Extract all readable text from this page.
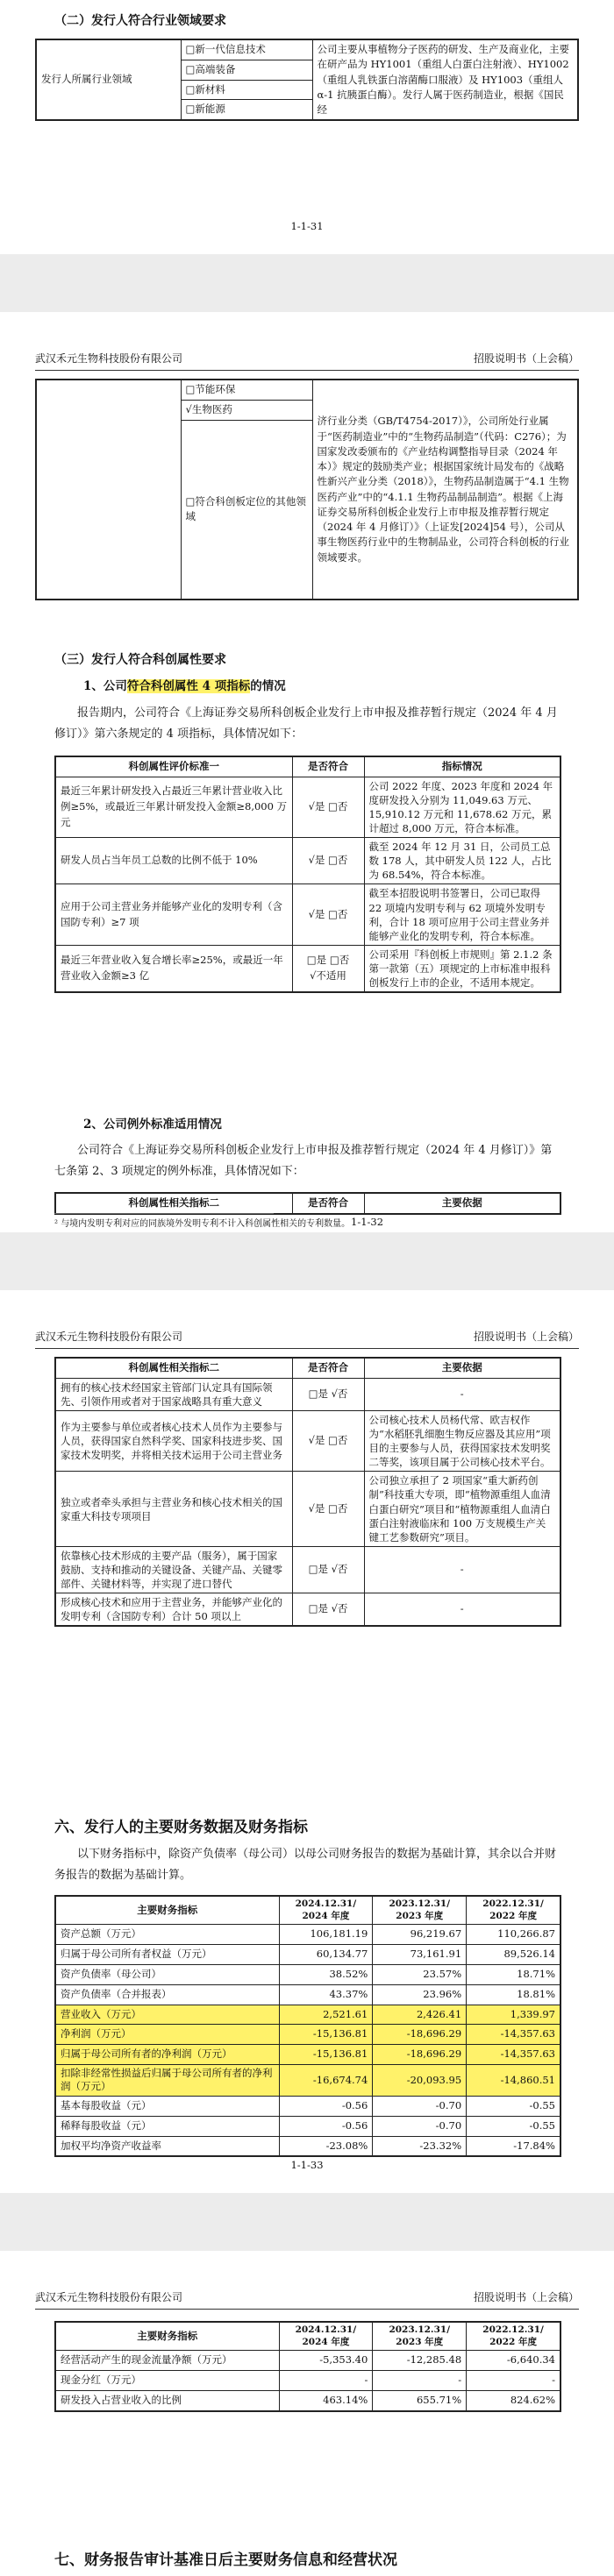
（二）发行人符合行业领域要求
发行人所属行业领域	□新一代信息技术	公司主要从事植物分子医药的研发、生产及商业化，主要在研产品为 HY1001（重组人白蛋白注射液）、HY1002（重组人乳铁蛋白溶菌酶口服液）及 HY1003（重组人 α-1 抗胰蛋白酶）。发行人属于医药制造业，根据《国民经
□高端装备
□新材料
□新能源
1-1-31
武汉禾元生物科技股份有限公司	招股说明书（上会稿）
	□节能环保	济行业分类（GB/T4754-2017）》，公司所处行业属于“医药制造业”中的“生物药品制造”（代码：C276）；为国家发改委颁布的《产业结构调整指导目录（2024 年本）》规定的鼓励类产业；根据国家统计局发布的《战略性新兴产业分类（2018）》，生物药品制造属于“4.1 生物医药产业”中的“4.1.1 生物药品制品制造”。根据《上海证券交易所科创板企业发行上市申报及推荐暂行规定（2024 年 4 月修订）》（上证发[2024]54 号），公司从事生物医药行业中的生物制品业，公司符合科创板的行业领域要求。
√生物医药
□符合科创板定位的其他领域
（三）发行人符合科创属性要求
1、公司符合科创属性 4 项指标的情况
报告期内，公司符合《上海证券交易所科创板企业发行上市申报及推荐暂行规定（2024 年 4 月修订）》第六条规定的 4 项指标，具体情况如下：
科创属性评价标准一	是否符合	指标情况
最近三年累计研发投入占最近三年累计营业收入比例≥5%，或最近三年累计研发投入金额≥8,000 万元	√是 □否	公司 2022 年度、2023 年度和 2024 年度研发投入分别为 11,049.63 万元、15,910.12 万元和 11,678.62 万元，累计超过 8,000 万元，符合本标准。
研发人员占当年员工总数的比例不低于 10%	√是 □否	截至 2024 年 12 月 31 日，公司员工总数 178 人，其中研发人员 122 人，占比为 68.54%，符合本标准。
应用于公司主营业务并能够产业化的发明专利（含国防专利）≥7 项	√是 □否	截至本招股说明书签署日，公司已取得 22 项境内发明专利与 62 项境外发明专利，合计 18 项可应用于公司主营业务并能够产业化的发明专利，符合本标准。
最近三年营业收入复合增长率≥25%，或最近一年营业收入金额≥3 亿	□是 □否
√不适用	公司采用『科创板上市规则』第 2.1.2 条第一款第（五）项规定的上市标准申报科创板发行上市的企业，不适用本规定。
2、公司例外标准适用情况
公司符合《上海证券交易所科创板企业发行上市申报及推荐暂行规定（2024 年 4 月修订）》第七条第 2、3 项规定的例外标准，具体情况如下：
科创属性相关指标二	是否符合	主要依据
² 与境内发明专利对应的同族境外发明专利不计入科创属性相关的专利数量。 1-1-32
武汉禾元生物科技股份有限公司	招股说明书（上会稿）
科创属性相关指标二	是否符合	主要依据
拥有的核心技术经国家主管部门认定具有国际领先、引领作用或者对于国家战略具有重大意义	□是 √否	-
作为主要参与单位或者核心技术人员作为主要参与人员，获得国家自然科学奖、国家科技进步奖、国家技术发明奖，并将相关技术运用于公司主营业务	√是 □否	公司核心技术人员杨代常、欧吉权作为“水稻胚乳细胞生物反应器及其应用”项目的主要参与人员，获得国家技术发明奖二等奖，该项目属于公司核心技术平台。
独立或者牵头承担与主营业务和核心技术相关的国家重大科技专项项目	√是 □否	公司独立承担了 2 项国家“重大新药创制”科技重大专项，即“植物源重组人血清白蛋白研究”项目和“植物源重组人血清白蛋白注射液临床和 100 万支规模生产关键工艺参数研究”项目。
依靠核心技术形成的主要产品（服务），属于国家鼓励、支持和推动的关键设备、关键产品、关键零部件、关键材料等，并实现了进口替代	□是 √否	-
形成核心技术和应用于主营业务，并能够产业化的发明专利（含国防专利）合计 50 项以上	□是 √否	-
六、发行人的主要财务数据及财务指标
以下财务指标中，除资产负债率（母公司）以母公司财务报告的数据为基础计算，其余以合并财务报告的数据为基础计算。
主要财务指标	2024.12.31/ 2024 年度	2023.12.31/ 2023 年度	2022.12.31/ 2022 年度
资产总额（万元）	106,181.19	96,219.67	110,266.87
归属于母公司所有者权益（万元）	60,134.77	73,161.91	89,526.14
资产负债率（母公司）	38.52%	23.57%	18.71%
资产负债率（合并报表）	43.37%	23.96%	18.81%
营业收入（万元）	2,521.61	2,426.41	1,339.97
净利润（万元）	-15,136.81	-18,696.29	-14,357.63
归属于母公司所有者的净利润（万元）	-15,136.81	-18,696.29	-14,357.63
扣除非经常性损益后归属于母公司所有者的净利润（万元）	-16,674.74	-20,093.95	-14,860.51
基本每股收益（元）	-0.56	-0.70	-0.55
稀释每股收益（元）	-0.56	-0.70	-0.55
加权平均净资产收益率	-23.08%	-23.32%	-17.84%
1-1-33
武汉禾元生物科技股份有限公司	招股说明书（上会稿）
主要财务指标	2024.12.31/ 2024 年度	2023.12.31/ 2023 年度	2022.12.31/ 2022 年度
经营活动产生的现金流量净额（万元）	-5,353.40	-12,285.48	-6,640.34
现金分红（万元）	-	-	-
研发投入占营业收入的比例	463.14%	655.71%	824.62%
七、财务报告审计基准日后主要财务信息和经营状况
